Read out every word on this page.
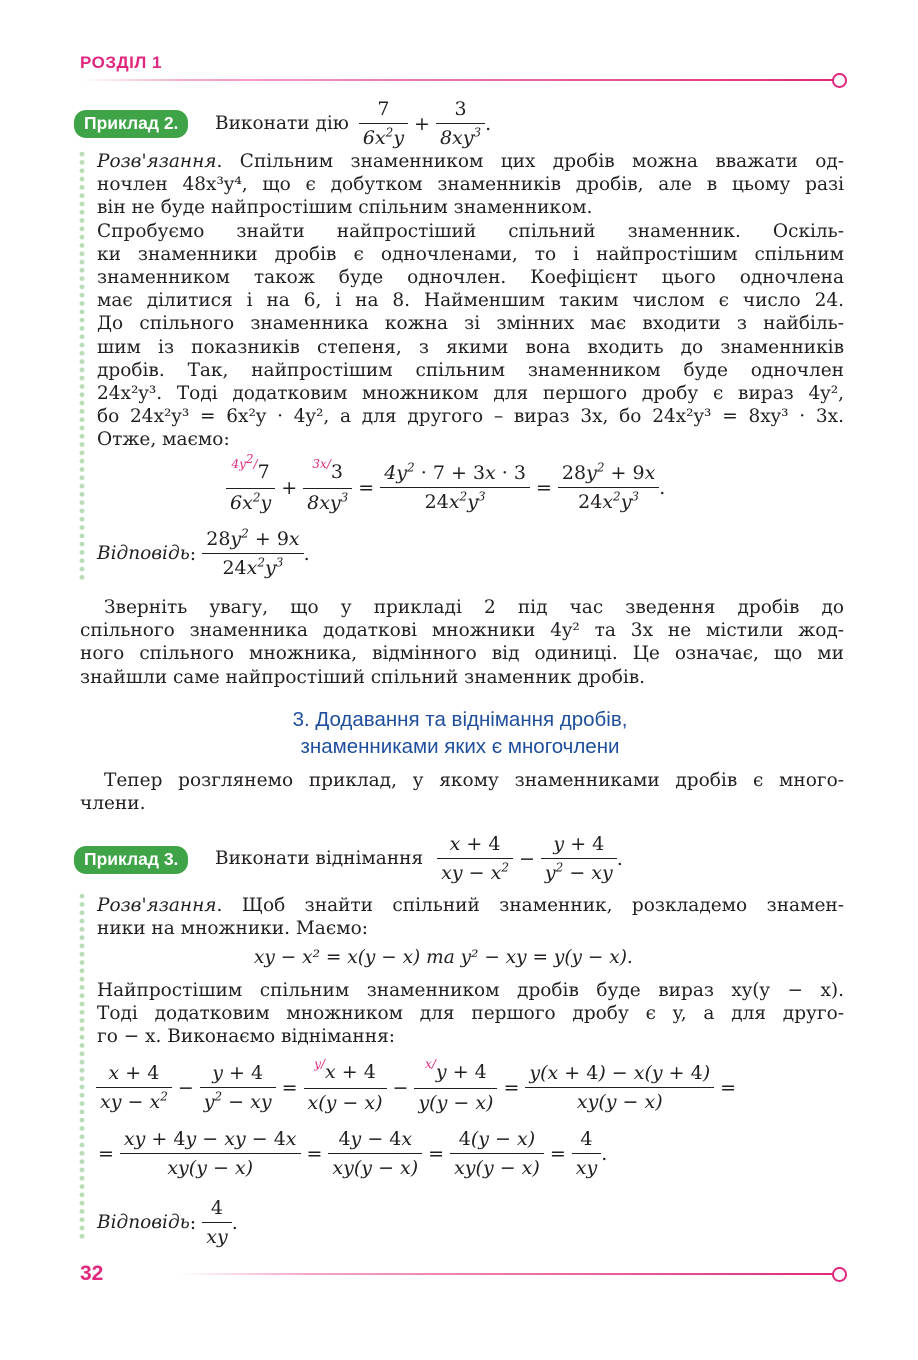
РОЗДІЛ 1
Приклад 2.	Виконати дію $\frac{7}{6x^2y} + \frac{3}{8xy^3}$ .
Розв'язання. Спільним знаменником цих дробів можна вважати од-
ночлен 48x³y⁴, що є добутком знаменників дробів, але в цьому разі
він не буде найпростішим спільним знаменником.
Спробуємо знайти найпростіший спільний знаменник. Оскіль-
ки знаменники дробів є одночленами, то і найпростішим спільним
знаменником також буде одночлен. Коефіцієнт цього одночлена
має ділитися і на 6, і на 8. Найменшим таким числом є число 24.
До спільного знаменника кожна зі змінних має входити з найбіль-
шим із показників степеня, з якими вона входить до знаменників
дробів. Так, найпростішим спільним знаменником буде одночлен
24x²y³. Тоді додатковим множником для першого дробу є вираз 4y²,
бо 24x²y³ = 6x²y · 4y², а для другого – вираз 3x, бо 24x²y³ = 8xy³ · 3x.
Отже, маємо:
$\frac{^{4y^2/}7}{6x^2y} + \frac{^{3x/}3}{8xy^3} = \frac{4y^2 \cdot 7 + 3x \cdot 3}{24x^2y^3} = \frac{28y^2 + 9x}{24x^2y^3}$ .
Відповідь : $\frac{28y^2 + 9x}{24x^2y^3}$ .
Зверніть увагу, що у прикладі 2 під час зведення дробів до
спільного знаменника додаткові множники 4y² та 3x не містили жод-
ного спільного множника, відмінного від одиниці. Це означає, що ми
знайшли саме найпростіший спільний знаменник дробів.
3. Додавання та віднімання дробів,
знаменниками яких є многочлени
Тепер розглянемо приклад, у якому знаменниками дробів є много-
члени.
Приклад 3.	Виконати віднімання $\frac{x + 4}{xy - x^2} - \frac{y + 4}{y^2 - xy}$ .
Розв'язання. Щоб знайти спільний знаменник, розкладемо знамен-
ники на множники. Маємо:
xy − x² = x(y − x) та y² − xy = y(y − x).
Найпростішим спільним знаменником дробів буде вираз xy(y − x).
Тоді додатковим множником для першого дробу є y, а для друго-
го − x. Виконаємо віднімання:
$\frac{x + 4}{xy - x^2} - \frac{y + 4}{y^2 - xy} = \frac{^{y/}x + 4}{x(y - x)} - \frac{^{x/}y + 4}{y(y - x)} = \frac{y(x + 4) - x(y + 4)}{xy(y - x)}$ =
= $\frac{xy + 4y - xy - 4x}{xy(y - x)} = \frac{4y - 4x}{xy(y - x)} = \frac{4(y - x)}{xy(y - x)} = \frac{4}{xy}$ .
Відповідь : $\frac{4}{xy}$ .
32
